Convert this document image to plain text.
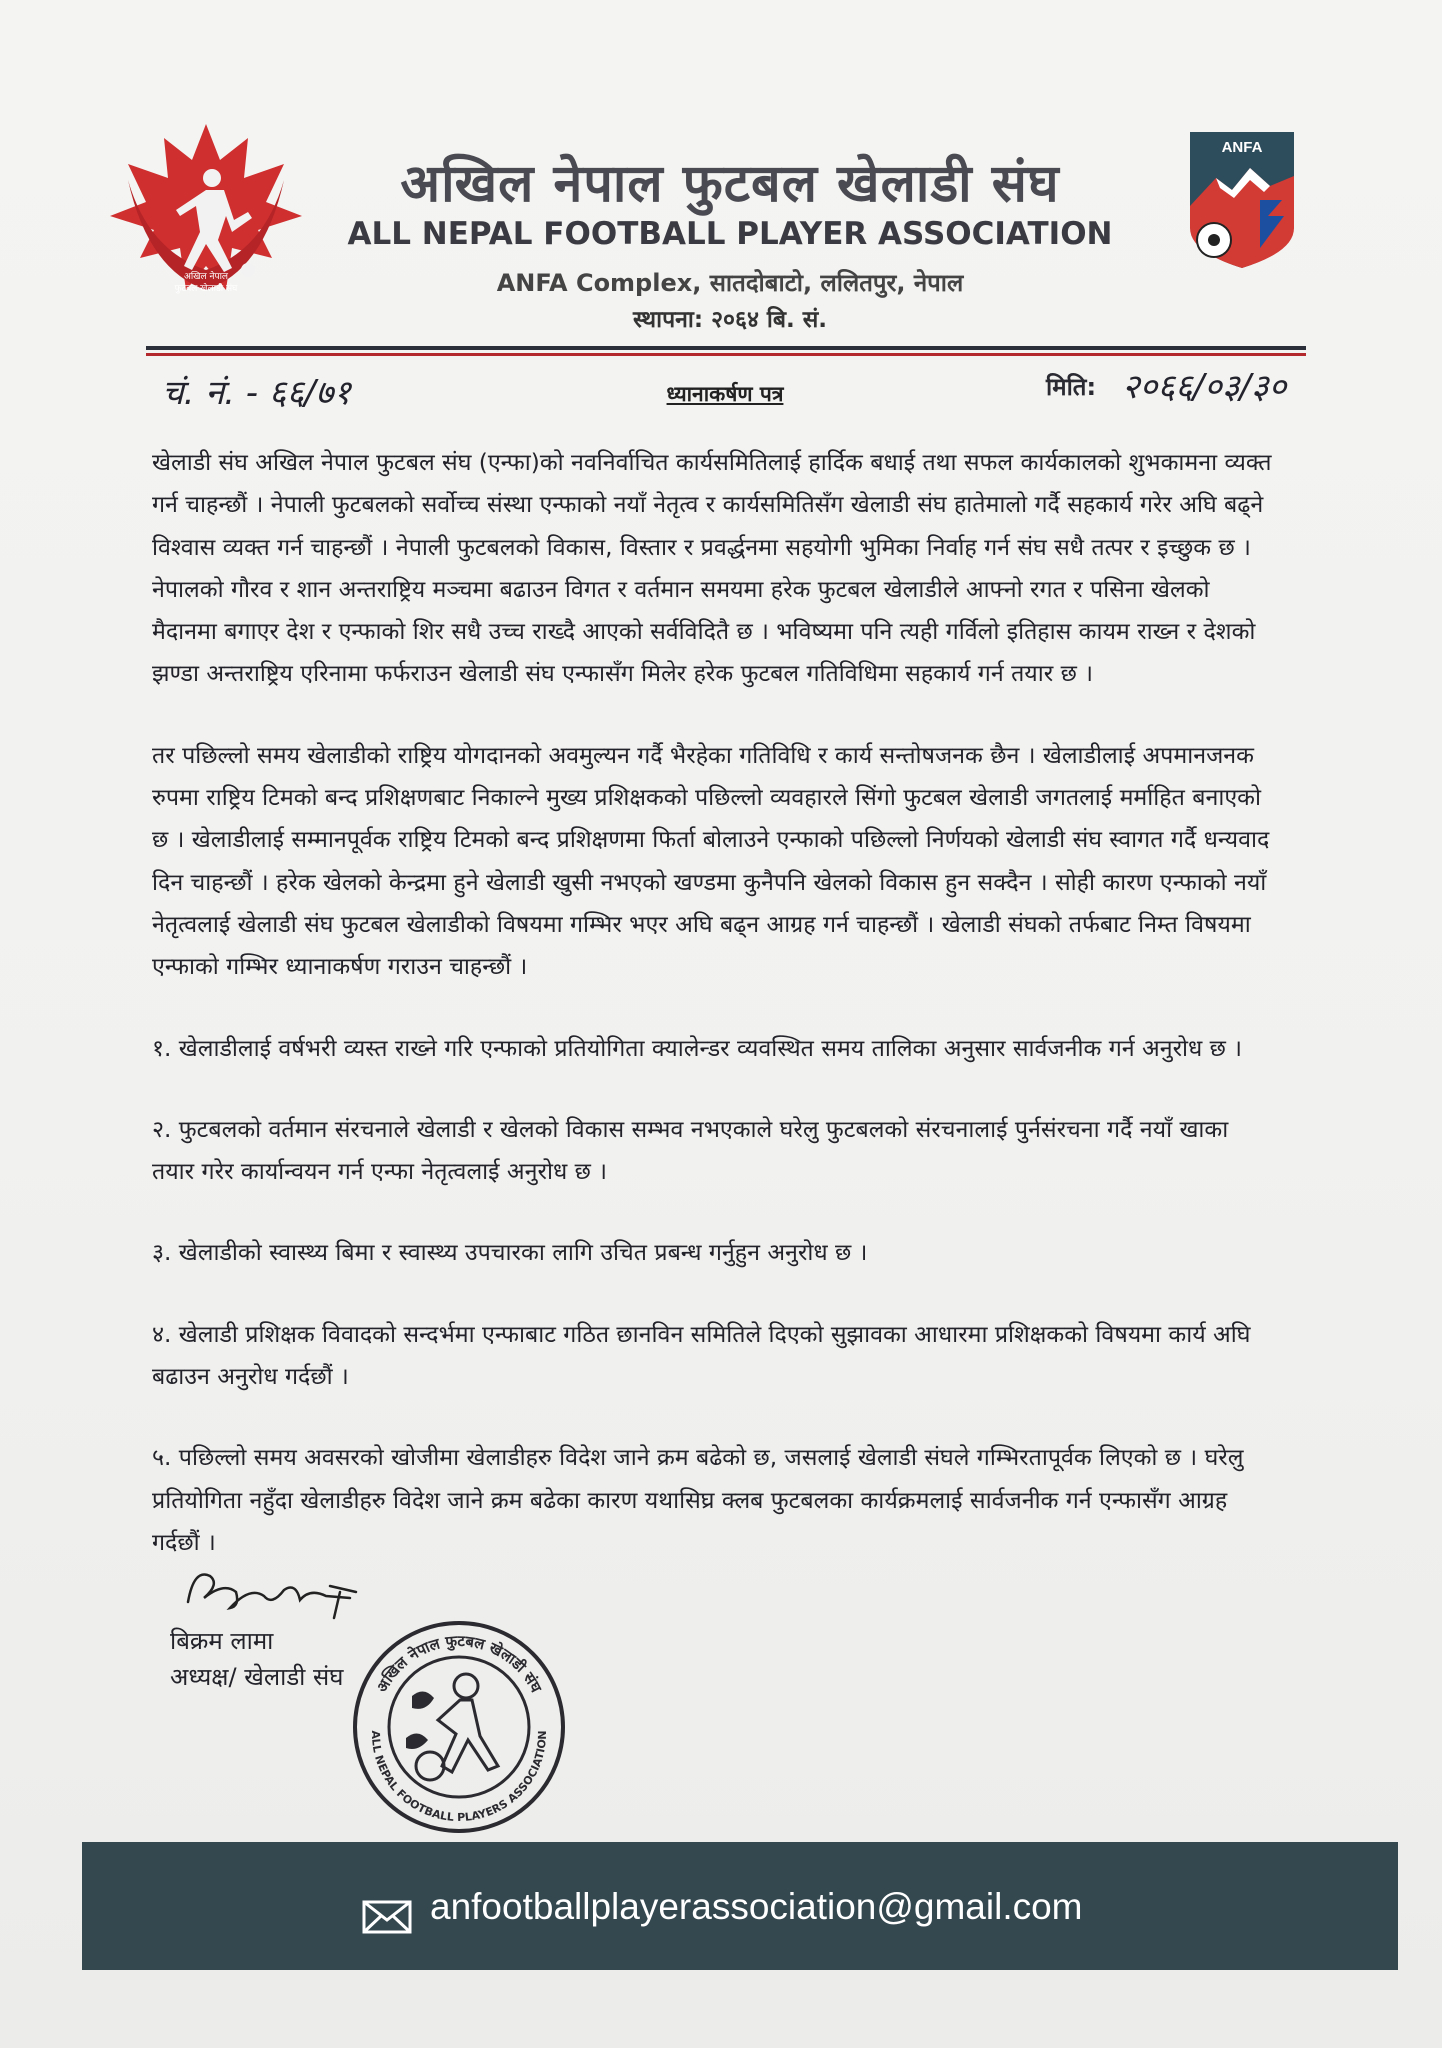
अखिल नेपाल
फुटबल खेलाडी संघ
अखिल नेपाल फुटबल खेलाडी संघ
ALL NEPAL FOOTBALL PLAYER ASSOCIATION
ANFA Complex, सातदोबाटो, ललितपुर, नेपाल
स्थापना: २०६४ बि. सं.
ANFA
चं. नं. - ६६/७१	ध्यानाकर्षण पत्र	मिति: २०६६/०३/३०

खेलाडी संघ अखिल नेपाल फुटबल संघ (एन्फा)को नवनिर्वाचित कार्यसमितिलाई हार्दिक बधाई तथा सफल कार्यकालको शुभकामना व्यक्त गर्न चाहन्छौं । नेपाली फुटबलको सर्वोच्च संस्था एन्फाको नयाँ नेतृत्व र कार्यसमितिसँग खेलाडी संघ हातेमालो गर्दै सहकार्य गरेर अघि बढ्ने विश्वास व्यक्त गर्न चाहन्छौं । नेपाली फुटबलको विकास, विस्तार र प्रवर्द्धनमा सहयोगी भुमिका निर्वाह गर्न संघ सधै तत्पर र इच्छुक छ । नेपालको गौरव र शान अन्तराष्ट्रिय मञ्चमा बढाउन विगत र वर्तमान समयमा हरेक फुटबल खेलाडीले आफ्नो रगत र पसिना खेलको मैदानमा बगाएर देश र एन्फाको शिर सधै उच्च राख्दै आएको सर्वविदितै छ । भविष्यमा पनि त्यही गर्विलो इतिहास कायम राख्न र देशको झण्डा अन्तराष्ट्रिय एरिनामा फर्फराउन खेलाडी संघ एन्फासँग मिलेर हरेक फुटबल गतिविधिमा सहकार्य गर्न तयार छ ।

तर पछिल्लो समय खेलाडीको राष्ट्रिय योगदानको अवमुल्यन गर्दै भैरहेका गतिविधि र कार्य सन्तोषजनक छैन । खेलाडीलाई अपमानजनक रुपमा राष्ट्रिय टिमको बन्द प्रशिक्षणबाट निकाल्ने मुख्य प्रशिक्षकको पछिल्लो व्यवहारले सिंगो फुटबल खेलाडी जगतलाई मर्माहित बनाएको छ । खेलाडीलाई सम्मानपूर्वक राष्ट्रिय टिमको बन्द प्रशिक्षणमा फिर्ता बोलाउने एन्फाको पछिल्लो निर्णयको खेलाडी संघ स्वागत गर्दै धन्यवाद दिन चाहन्छौं । हरेक खेलको केन्द्रमा हुने खेलाडी खुसी नभएको खण्डमा कुनैपनि खेलको विकास हुन सक्दैन । सोही कारण एन्फाको नयाँ नेतृत्वलाई खेलाडी संघ फुटबल खेलाडीको विषयमा गम्भिर भएर अघि बढ्न आग्रह गर्न चाहन्छौं । खेलाडी संघको तर्फबाट निम्त विषयमा एन्फाको गम्भिर ध्यानाकर्षण गराउन चाहन्छौं ।

१. खेलाडीलाई वर्षभरी व्यस्त राख्ने गरि एन्फाको प्रतियोगिता क्यालेन्डर व्यवस्थित समय तालिका अनुसार सार्वजनीक गर्न अनुरोध छ ।

२. फुटबलको वर्तमान संरचनाले खेलाडी र खेलको विकास सम्भव नभएकाले घरेलु फुटबलको संरचनालाई पुर्नसंरचना गर्दै नयाँ खाका तयार गरेर कार्यान्वयन गर्न एन्फा नेतृत्वलाई अनुरोध छ ।

३. खेलाडीको स्वास्थ्य बिमा र स्वास्थ्य उपचारका लागि उचित प्रबन्ध गर्नुहुन अनुरोध छ ।

४. खेलाडी प्रशिक्षक विवादको सन्दर्भमा एन्फाबाट गठित छानविन समितिले दिएको सुझावका आधारमा प्रशिक्षकको विषयमा कार्य अघि बढाउन अनुरोध गर्दछौं ।

५. पछिल्लो समय अवसरको खोजीमा खेलाडीहरु विदेश जाने क्रम बढेको छ, जसलाई खेलाडी संघले गम्भिरतापूर्वक लिएको छ । घरेलु प्रतियोगिता नहुँदा खेलाडीहरु विदेश जाने क्रम बढेका कारण यथासिघ्र क्लब फुटबलका कार्यक्रमलाई सार्वजनीक गर्न एन्फासँग आग्रह गर्दछौं ।

बिक्रम लामा
अध्यक्ष/ खेलाडी संघ अखिल नेपाल फुटबल खेलाडी संघ
ALL NEPAL FOOTBALL PLAYERS ASSOCIATION
anfootballplayerassociation@gmail.com
